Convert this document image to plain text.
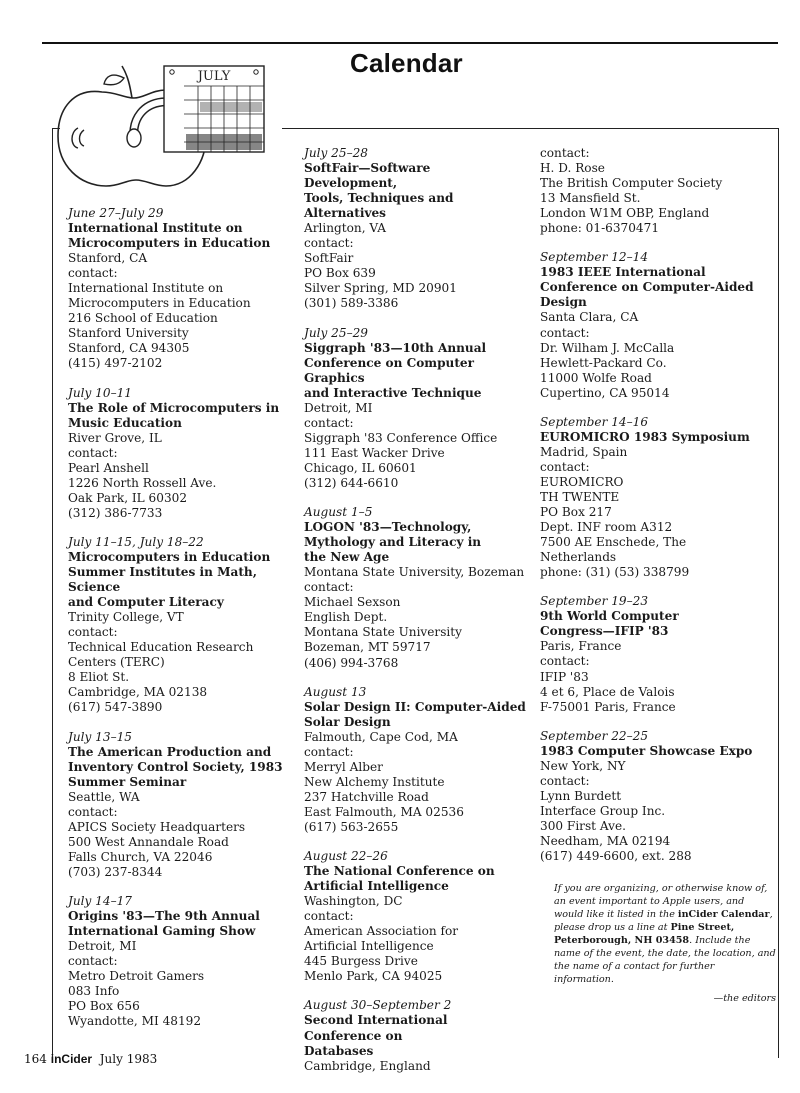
Calendar
JULY
June 27–July 29
International Institute on
Microcomputers in Education
Stanford, CA
contact:
International Institute on
Microcomputers in Education
216 School of Education
Stanford University
Stanford, CA 94305
(415) 497-2102
July 10–11
The Role of Microcomputers in
Music Education
River Grove, IL
contact:
Pearl Anshell
1226 North Rossell Ave.
Oak Park, IL 60302
(312) 386-7733
July 11–15, July 18–22
Microcomputers in Education
Summer Institutes in Math, Science
and Computer Literacy
Trinity College, VT
contact:
Technical Education Research
Centers (TERC)
8 Eliot St.
Cambridge, MA 02138
(617) 547-3890
July 13–15
The American Production and
Inventory Control Society, 1983
Summer Seminar
Seattle, WA
contact:
APICS Society Headquarters
500 West Annandale Road
Falls Church, VA 22046
(703) 237-8344
July 14–17
Origins '83—The 9th Annual
International Gaming Show
Detroit, MI
contact:
Metro Detroit Gamers
083 Info
PO Box 656
Wyandotte, MI 48192
July 25–28
SoftFair—Software Development,
Tools, Techniques and Alternatives
Arlington, VA
contact:
SoftFair
PO Box 639
Silver Spring, MD 20901
(301) 589-3386
July 25–29
Siggraph '83—10th Annual
Conference on Computer Graphics
and Interactive Technique
Detroit, MI
contact:
Siggraph '83 Conference Office
111 East Wacker Drive
Chicago, IL 60601
(312) 644-6610
August 1–5
LOGON '83—Technology,
Mythology and Literacy in
the New Age
Montana State University, Bozeman
contact:
Michael Sexson
English Dept.
Montana State University
Bozeman, MT 59717
(406) 994-3768
August 13
Solar Design II: Computer-Aided
Solar Design
Falmouth, Cape Cod, MA
contact:
Merryl Alber
New Alchemy Institute
237 Hatchville Road
East Falmouth, MA 02536
(617) 563-2655
August 22–26
The National Conference on
Artificial Intelligence
Washington, DC
contact:
American Association for
Artificial Intelligence
445 Burgess Drive
Menlo Park, CA 94025
August 30–September 2
Second International Conference on
Databases
Cambridge, England
contact:
H. D. Rose
The British Computer Society
13 Mansfield St.
London W1M OBP, England
phone: 01-6370471
September 12–14
1983 IEEE International
Conference on Computer-Aided
Design
Santa Clara, CA
contact:
Dr. Wilham J. McCalla
Hewlett-Packard Co.
11000 Wolfe Road
Cupertino, CA 95014
September 14–16
EUROMICRO 1983 Symposium
Madrid, Spain
contact:
EUROMICRO
TH TWENTE
PO Box 217
Dept. INF room A312
7500 AE Enschede, The
Netherlands
phone: (31) (53) 338799
September 19–23
9th World Computer
Congress—IFIP '83
Paris, France
contact:
IFIP '83
4 et 6, Place de Valois
F-75001 Paris, France
September 22–25
1983 Computer Showcase Expo
New York, NY
contact:
Lynn Burdett
Interface Group Inc.
300 First Ave.
Needham, MA 02194
(617) 449-6600, ext. 288
If you are organizing, or otherwise know of, an event important to Apple users, and would like it listed in the inCider Calendar, please drop us a line at Pine Street, Peterborough, NH 03458. Include the name of the event, the date, the location, and the name of a contact for further information.
—the editors
164 inCider July 1983
